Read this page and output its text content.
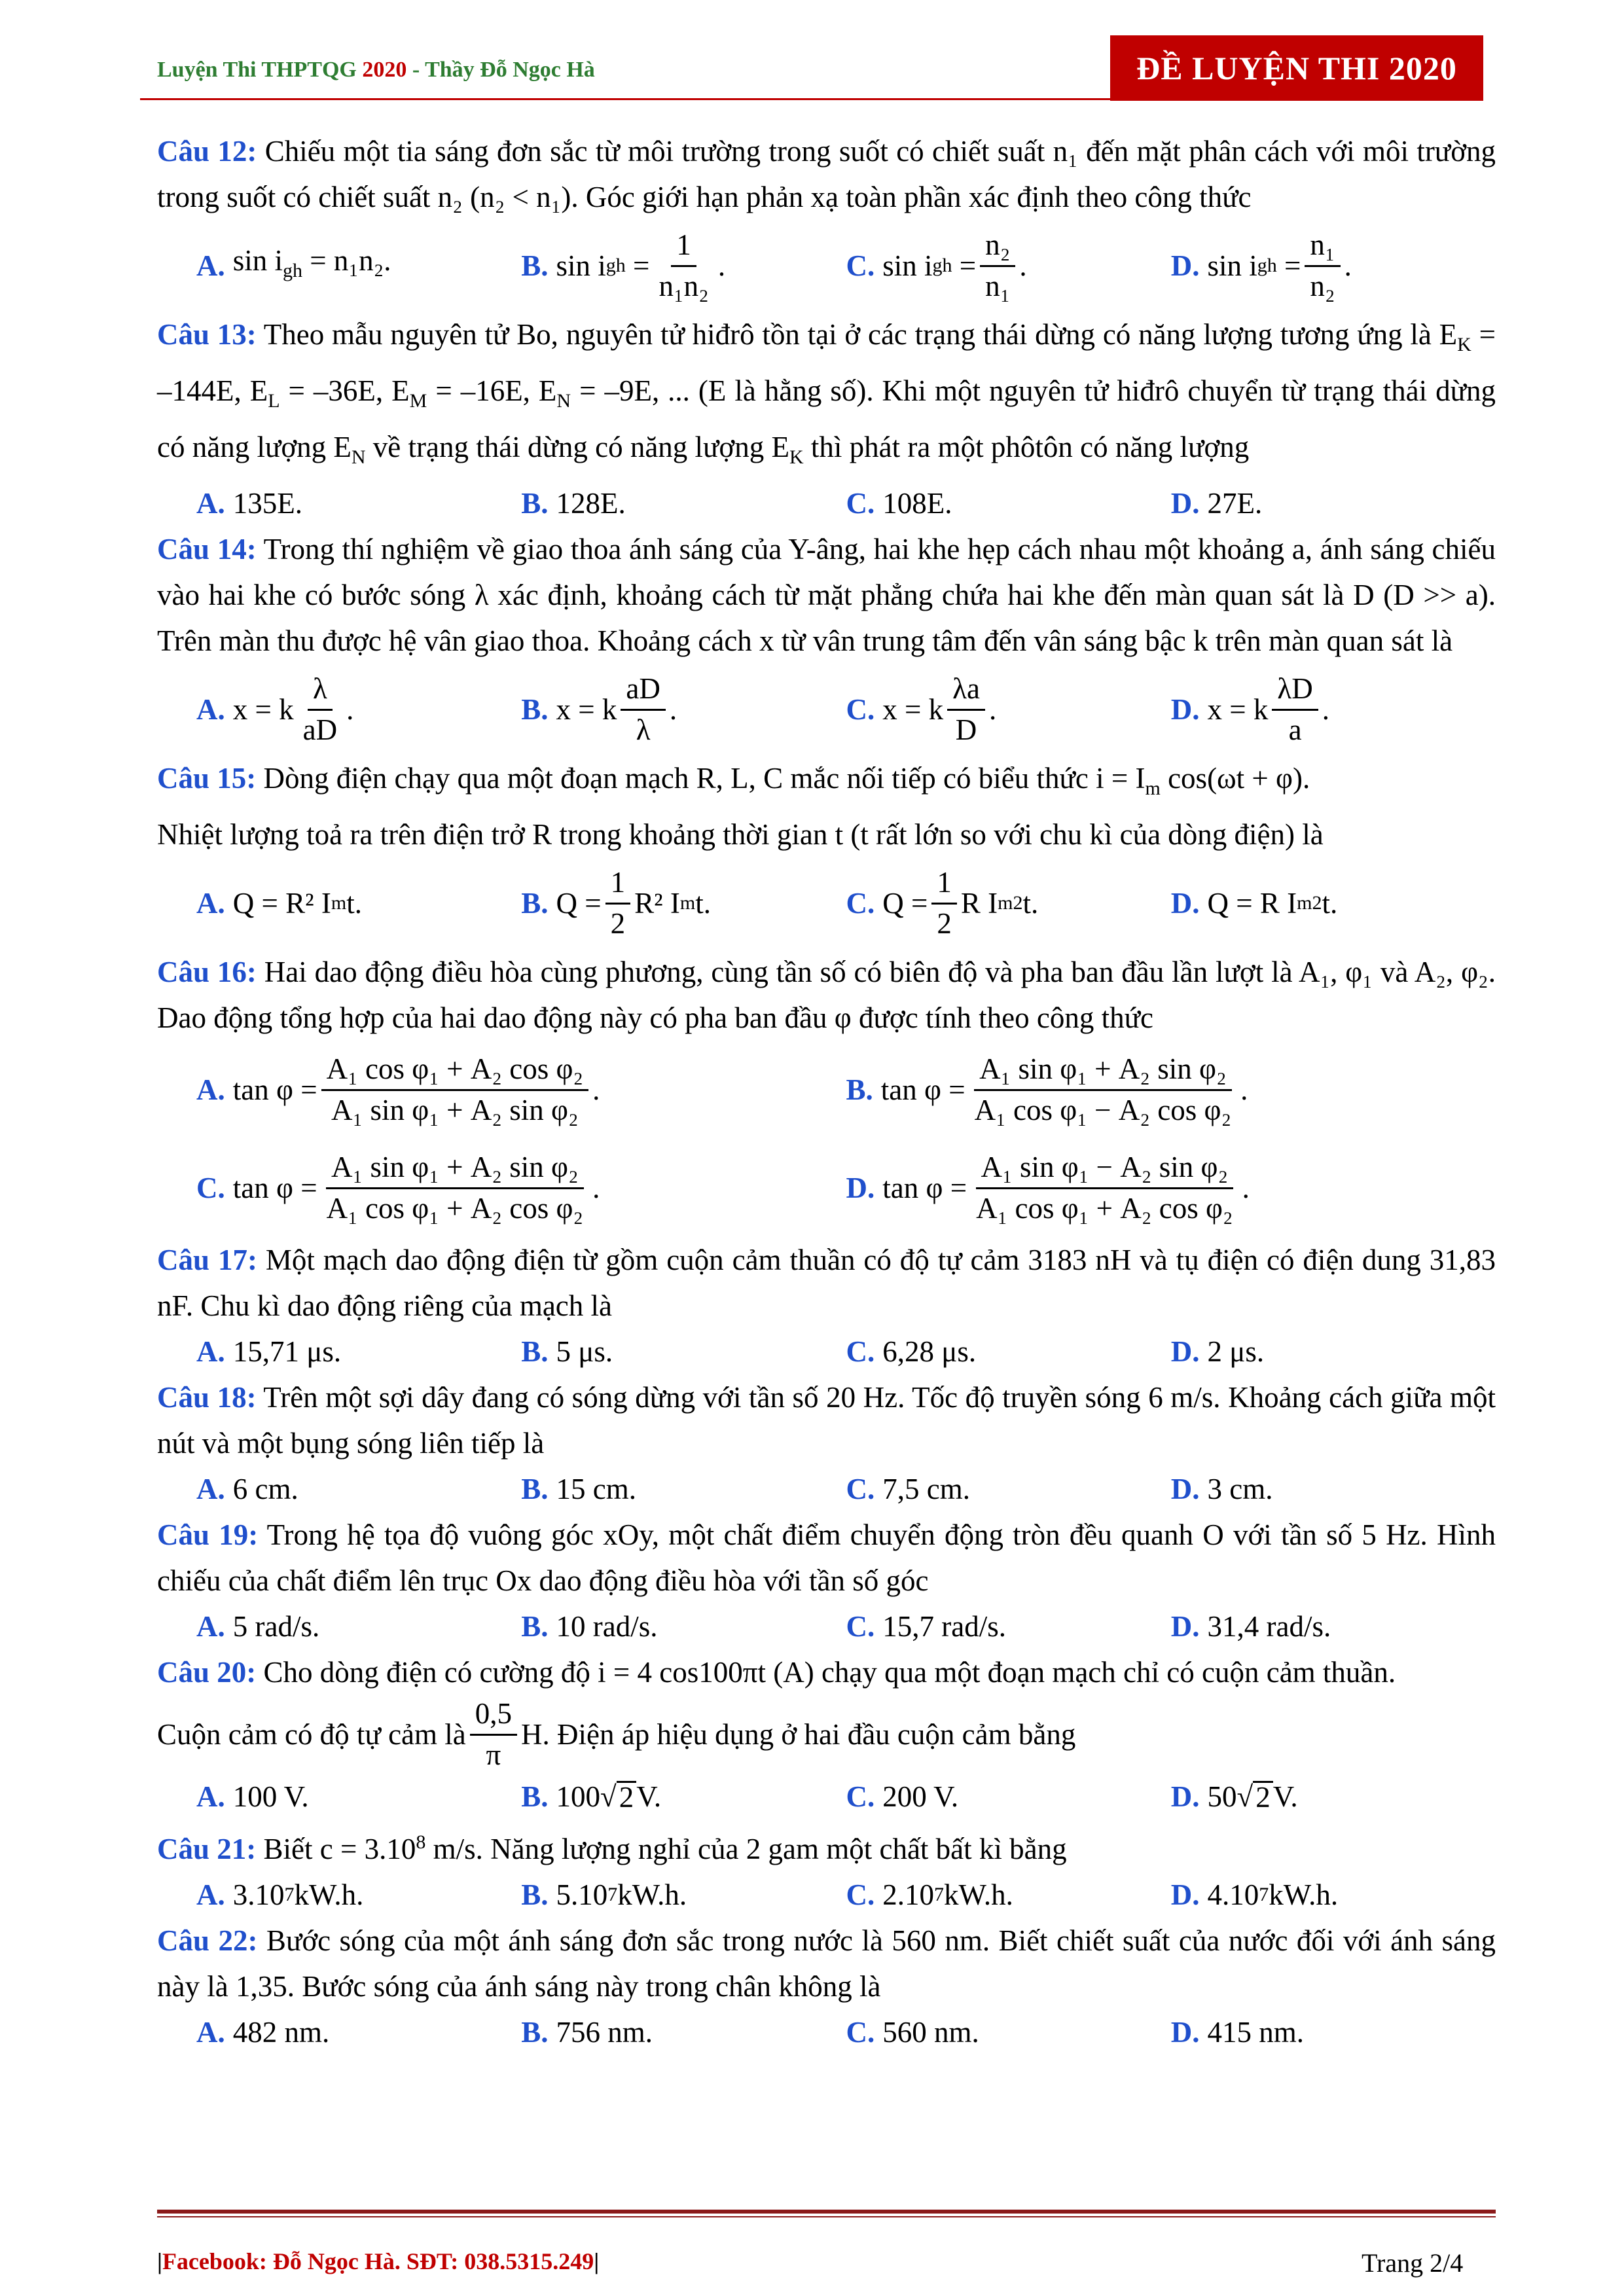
Luyện Thi THPTQG 2020 - Thầy Đỗ Ngọc Hà	ĐỀ LUYỆN THI 2020
Câu 12: Chiếu một tia sáng đơn sắc từ môi trường trong suốt có chiết suất n₁ đến mặt phân cách với môi trường trong suốt có chiết suất n₂ (n₂ < n₁). Góc giới hạn phản xạ toàn phần xác định theo công thức
A. $\sin i_{gh} = n_1n_2$.	B. sin i gh = $\frac{1}{\text{n₁n₂}}$ .	C. sin i gh = $\frac{\text{n₂}}{\text{n₁}}$ .	D. sin i gh = $\frac{\text{n₁}}{\text{n₂}}$ .
Câu 13: Theo mẫu nguyên tử Bo, nguyên tử hiđrô tồn tại ở các trạng thái dừng có năng lượng tương ứng là $E_K = -144E$, $E_L = -36E$, $E_M = -16E$, $E_N = -9E$, ... (E là hằng số). Khi một nguyên tử hiđrô chuyển từ trạng thái dừng có năng lượng $E_N$ về trạng thái dừng có năng lượng $E_K$ thì phát ra một phôtôn có năng lượng
A. 135E.	B. 128E.	C. 108E.	D. 27E.
Câu 14: Trong thí nghiệm về giao thoa ánh sáng của Y-âng, hai khe hẹp cách nhau một khoảng a, ánh sáng chiếu vào hai khe có bước sóng λ xác định, khoảng cách từ mặt phẳng chứa hai khe đến màn quan sát là D (D >> a). Trên màn thu được hệ vân giao thoa. Khoảng cách x từ vân trung tâm đến vân sáng bậc k trên màn quan sát là
A. x = k $\frac{\lambda}{aD}$ .	B. x = k $\frac{aD}{\lambda}$ .	C. x = k $\frac{\lambda a}{D}$ .	D. x = k $\frac{\lambda D}{a}$ .
Câu 15: Dòng điện chạy qua một đoạn mạch R, L, C mắc nối tiếp có biểu thức $i = I_m$ cos(ωt + φ).
Nhiệt lượng toả ra trên điện trở R trong khoảng thời gian t (t rất lớn so với chu kì của dòng điện) là
A. Q = R² I m t.	B. $Q = \frac{1}{2} R^2$ I m t.	C. $Q = \frac{1}{2}$ R I m 2 t.	D. Q = R I m 2 t.
Câu 16: Hai dao động điều hòa cùng phương, cùng tần số có biên độ và pha ban đầu lần lượt là A₁, φ₁ và A₂, φ₂. Dao động tổng hợp của hai dao động này có pha ban đầu φ được tính theo công thức
A. $\tan \varphi = \frac{\text{A₁ cos φ₁ + A₂ cos φ₂}}{\text{A₁ sin φ₁ + A₂ sin φ₂}}$ .	B. $\tan \varphi = \frac{\text{A₁ sin φ₁ + A₂ sin φ₂}}{\text{A₁ cos φ₁ − A₂ cos φ₂}}$ .
C. $\tan \varphi = \frac{\text{A₁ sin φ₁ + A₂ sin φ₂}}{\text{A₁ cos φ₁ + A₂ cos φ₂}}$ .	D. $\tan \varphi = \frac{\text{A₁ sin φ₁ − A₂ sin φ₂}}{\text{A₁ cos φ₁ + A₂ cos φ₂}}$ .
Câu 17: Một mạch dao động điện từ gồm cuộn cảm thuần có độ tự cảm 3183 nH và tụ điện có điện dung 31,83 nF. Chu kì dao động riêng của mạch là
A. 15,71 μs.	B. 5 μs.	C. 6,28 μs.	D. 2 μs.
Câu 18: Trên một sợi dây đang có sóng dừng với tần số 20 Hz. Tốc độ truyền sóng 6 m/s. Khoảng cách giữa một nút và một bụng sóng liên tiếp là
A. 6 cm.	B. 15 cm.	C. 7,5 cm.	D. 3 cm.
Câu 19: Trong hệ tọa độ vuông góc xOy, một chất điểm chuyển động tròn đều quanh O với tần số 5 Hz. Hình chiếu của chất điểm lên trục Ox dao động điều hòa với tần số góc
A. 5 rad/s.	B. 10 rad/s.	C. 15,7 rad/s.	D. 31,4 rad/s.
Câu 20: Cho dòng điện có cường độ i = 4 cos100πt (A) chạy qua một đoạn mạch chỉ có cuộn cảm thuần.
Cuộn cảm có độ tự cảm là $\frac{0,5}{\pi} H$. Điện áp hiệu dụng ở hai đầu cuộn cảm bằng
A. 100 V.	B. 100 √ 2 V.	C. 200 V.	D. 50 √ 2 V.
Câu 21: Biết $c = 3.10^8$ m/s. Năng lượng nghỉ của 2 gam một chất bất kì bằng
A. 3.10 7 kW.h.	B. 5.10 7 kW.h.	C. 2.10 7 kW.h.	D. 4.10 7 kW.h.
Câu 22: Bước sóng của một ánh sáng đơn sắc trong nước là 560 nm. Biết chiết suất của nước đối với ánh sáng này là 1,35. Bước sóng của ánh sáng này trong chân không là
A. 482 nm.	B. 756 nm.	C. 560 nm.	D. 415 nm.
|Facebook: Đỗ Ngọc Hà. SĐT: 038.5315.249|	Trang 2/4
